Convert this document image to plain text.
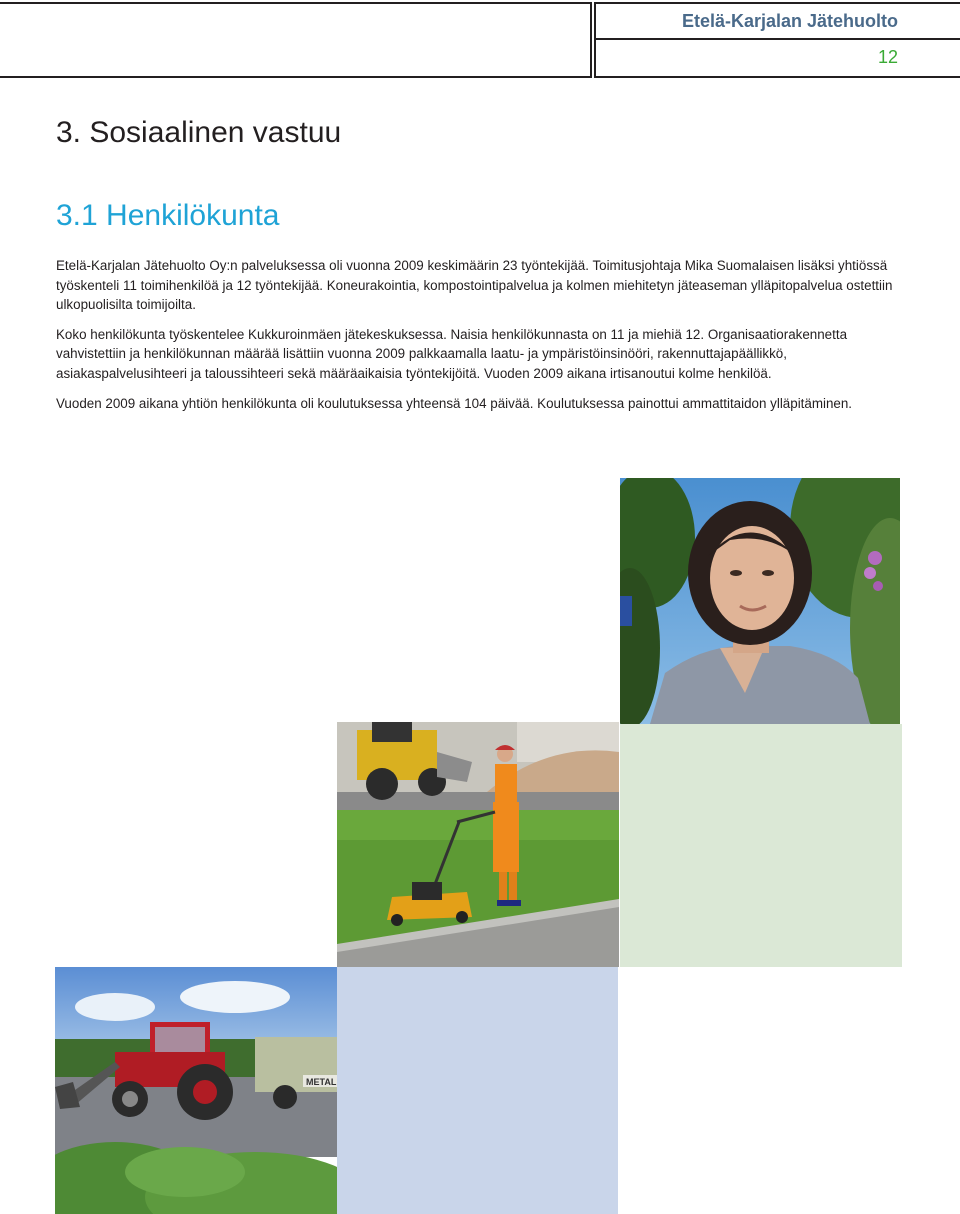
Etelä-Karjalan Jätehuolto
12
3. Sosiaalinen vastuu
3.1 Henkilökunta

Etelä-Karjalan Jätehuolto Oy:n palveluksessa oli vuonna 2009 keskimäärin 23 työntekijää. Toimitusjohtaja Mika Suomalaisen lisäksi yhtiössä työskenteli 11 toimihenkilöä ja 12 työntekijää. Koneurakointia, kompostointipalvelua ja kolmen miehitetyn jäteaseman ylläpitopalvelua ostettiin ulkopuolisilta toimijoilta.

Koko henkilökunta työskentelee Kukkuroinmäen jätekeskuksessa. Naisia henkilökunnasta on 11 ja miehiä 12. Organisaatiorakennetta vahvistettiin ja henkilökunnan määrää lisättiin vuonna 2009 palkkaamalla laatu- ja ympäristöinsinööri, rakennuttajapäällikkö, asiakaspalvelusihteeri ja taloussihteeri sekä määräaikaisia työntekijöitä. Vuoden 2009 aikana irtisanoutui kolme henkilöä.

Vuoden 2009 aikana yhtiön henkilökunta oli koulutuksessa yhteensä 104 päivää. Koulutuksessa painottui ammattitaidon ylläpitäminen.

METAL
